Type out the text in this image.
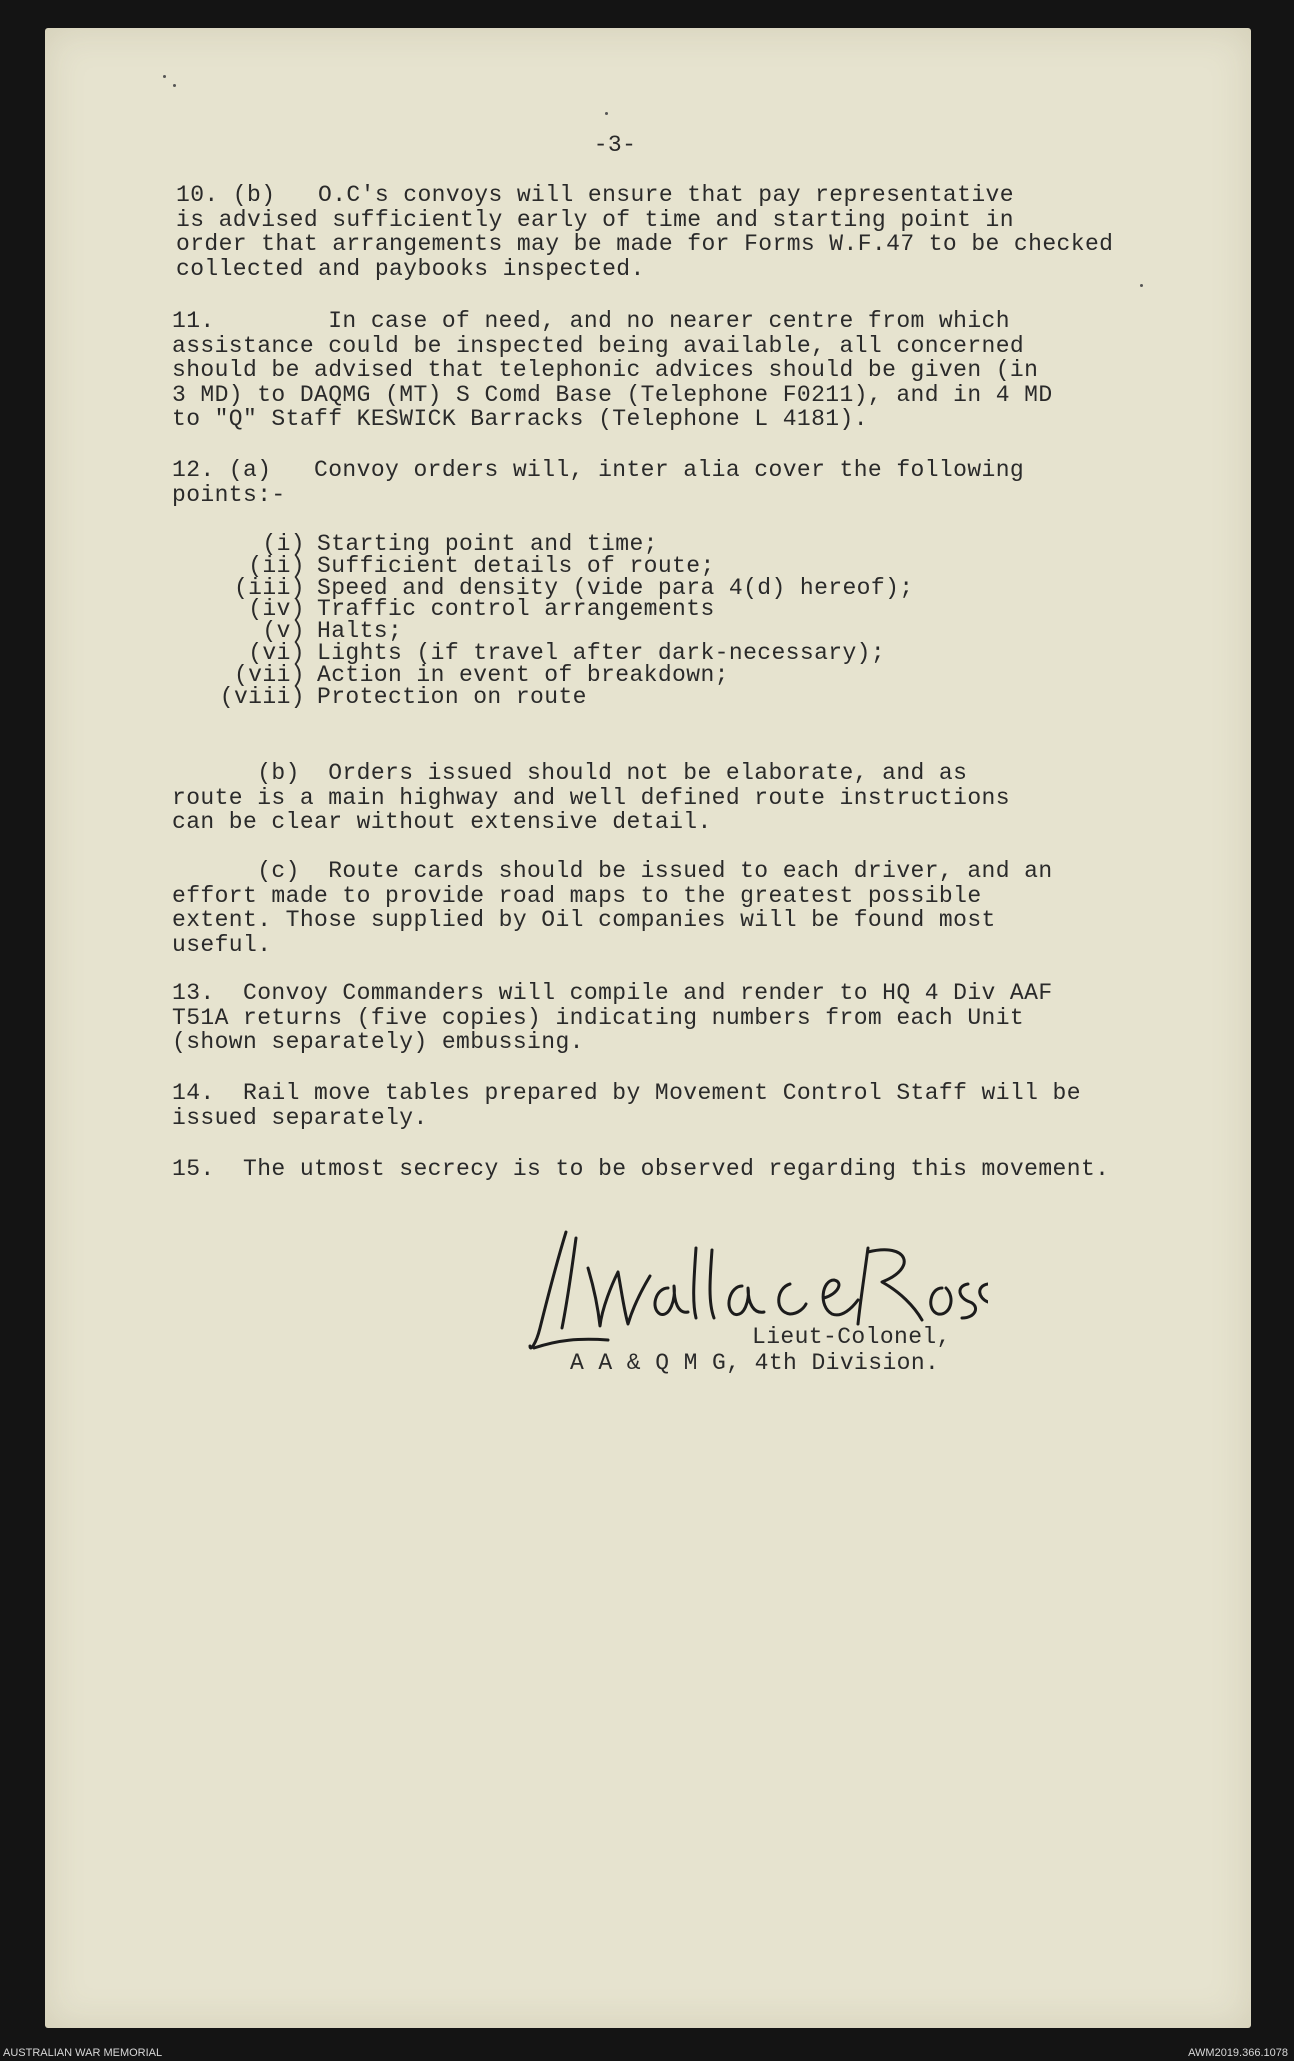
-3-
10. (b)   O.C's convoys will ensure that pay representative
is advised sufficiently early of time and starting point in
order that arrangements may be made for Forms W.F.47 to be checked
collected and paybooks inspected.
11.        In case of need, and no nearer centre from which
assistance could be inspected being available, all concerned
should be advised that telephonic advices should be given (in
3 MD) to DAQMG (MT) S Comd Base (Telephone F0211), and in 4 MD
to "Q" Staff KESWICK Barracks (Telephone L 4181).
12. (a)   Convoy orders will, inter alia cover the following
points:-
(i) Starting point and time;
(ii) Sufficient details of route;
(iii) Speed and density (vide para 4(d) hereof);
(iv) Traffic control arrangements
(v) Halts;
(vi) Lights (if travel after dark-necessary);
(vii) Action in event of breakdown;
(viii) Protection on route
(b)  Orders issued should not be elaborate, and as
route is a main highway and well defined route instructions
can be clear without extensive detail.
(c)  Route cards should be issued to each driver, and an
effort made to provide road maps to the greatest possible
extent. Those supplied by Oil companies will be found most
useful.
13.  Convoy Commanders will compile and render to HQ 4 Div AAF
T51A returns (five copies) indicating numbers from each Unit
(shown separately) embussing.
14.  Rail move tables prepared by Movement Control Staff will be
issued separately.
15.  The utmost secrecy is to be observed regarding this movement.
Lieut-Colonel,
A A & Q M G, 4th Division.
AUSTRALIAN WAR MEMORIAL	AWM2019.366.1078
